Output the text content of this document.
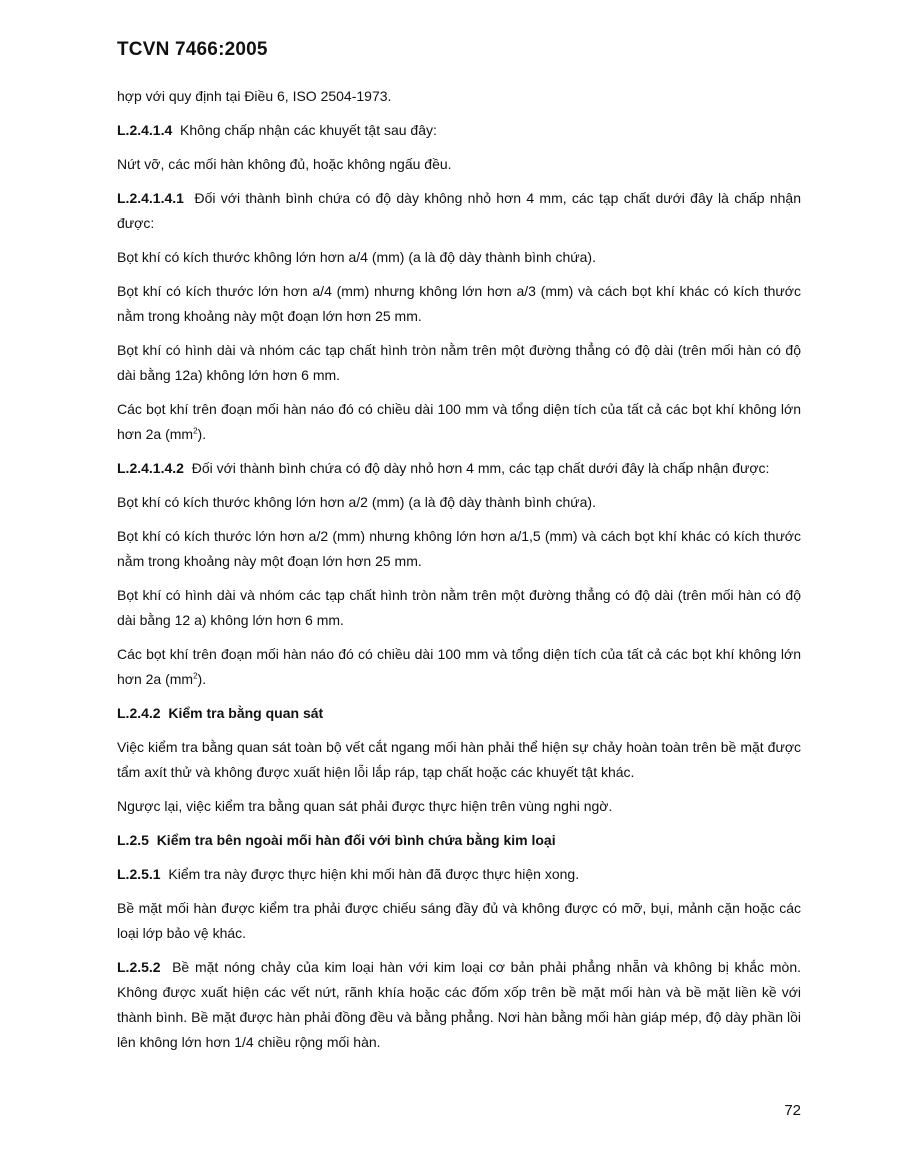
TCVN 7466:2005

hợp với quy định tại Điều 6, ISO 2504-1973.

L.2.4.1.4 Không chấp nhận các khuyết tật sau đây:

Nứt vỡ, các mối hàn không đủ, hoặc không ngấu đều.

L.2.4.1.4.1 Đối với thành bình chứa có độ dày không nhỏ hơn 4 mm, các tạp chất dưới đây là chấp nhận được:

Bọt khí có kích thước không lớn hơn a/4 (mm) (a là độ dày thành bình chứa).

Bọt khí có kích thước lớn hơn a/4 (mm) nhưng không lớn hơn a/3 (mm) và cách bọt khí khác có kích thước nằm trong khoảng này một đoạn lớn hơn 25 mm.

Bọt khí có hình dài và nhóm các tạp chất hình tròn nằm trên một đường thẳng có độ dài (trên mối hàn có độ dài bằng 12a) không lớn hơn 6 mm.

Các bọt khí trên đoạn mối hàn náo đó có chiều dài 100 mm và tổng diện tích của tất cả các bọt khí không lớn hơn 2a $(mm^2)$.

L.2.4.1.4.2 Đối với thành bình chứa có độ dày nhỏ hơn 4 mm, các tạp chất dưới đây là chấp nhận được:

Bọt khí có kích thước không lớn hơn a/2 (mm) (a là độ dày thành bình chứa).

Bọt khí có kích thước lớn hơn a/2 (mm) nhưng không lớn hơn a/1,5 (mm) và cách bọt khí khác có kích thước nằm trong khoảng này một đoạn lớn hơn 25 mm.

Bọt khí có hình dài và nhóm các tạp chất hình tròn nằm trên một đường thẳng có độ dài (trên mối hàn có độ dài bằng 12 a) không lớn hơn 6 mm.

Các bọt khí trên đoạn mối hàn náo đó có chiều dài 100 mm và tổng diện tích của tất cả các bọt khí không lớn hơn 2a $(mm^2)$.

L.2.4.2 Kiểm tra bằng quan sát

Việc kiểm tra bằng quan sát toàn bộ vết cắt ngang mối hàn phải thể hiện sự chảy hoàn toàn trên bề mặt được tẩm axít thử và không được xuất hiện lỗi lắp ráp, tạp chất hoặc các khuyết tật khác.

Ngược lại, việc kiểm tra bằng quan sát phải được thực hiện trên vùng nghi ngờ.

L.2.5 Kiểm tra bên ngoài mối hàn đối với bình chứa bằng kim loại

L.2.5.1 Kiểm tra này được thực hiện khi mối hàn đã được thực hiện xong.

Bề mặt mối hàn được kiểm tra phải được chiếu sáng đầy đủ và không được có mỡ, bụi, mảnh cặn hoặc các loại lớp bảo vệ khác.

L.2.5.2 Bề mặt nóng chảy của kim loại hàn với kim loại cơ bản phải phẳng nhẵn và không bị khắc mòn. Không được xuất hiện các vết nứt, rãnh khía hoặc các đốm xốp trên bề mặt mối hàn và bề mặt liền kề với thành bình. Bề mặt được hàn phải đồng đều và bằng phẳng. Nơi hàn bằng mối hàn giáp mép, độ dày phần lồi lên không lớn hơn 1/4 chiều rộng mối hàn.

72
